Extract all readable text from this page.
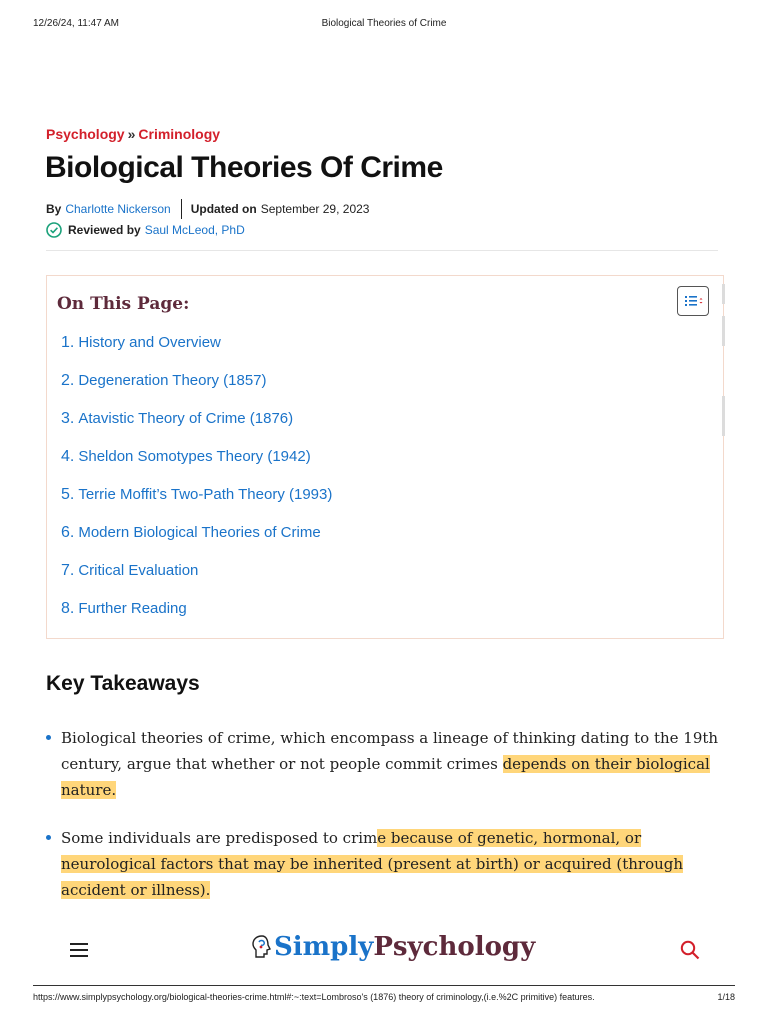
12/26/24, 11:47 AM	Biological Theories of Crime
Psychology » Criminology
Biological Theories Of Crime
By Charlotte Nickerson Updated on September 29, 2023
Reviewed by Saul McLeod, PhD
On This Page:
1. History and Overview
2. Degeneration Theory (1857)
3. Atavistic Theory of Crime (1876)
4. Sheldon Somotypes Theory (1942)
5. Terrie Moffit’s Two-Path Theory (1993)
6. Modern Biological Theories of Crime
7. Critical Evaluation
8. Further Reading
Key Takeaways
Biological theories of crime, which encompass a lineage of thinking dating to the 19th century, argue that whether or not people commit crimes depends on their biological nature.
Some individuals are predisposed to crime because of genetic, hormonal, or neurological factors that may be inherited (present at birth) or acquired (through accident or illness).
Simply Psychology
https://www.simplypsychology.org/biological-theories-crime.html#:~:text=Lombroso's (1876) theory of criminology,(i.e.%2C primitive) features.	1/18
